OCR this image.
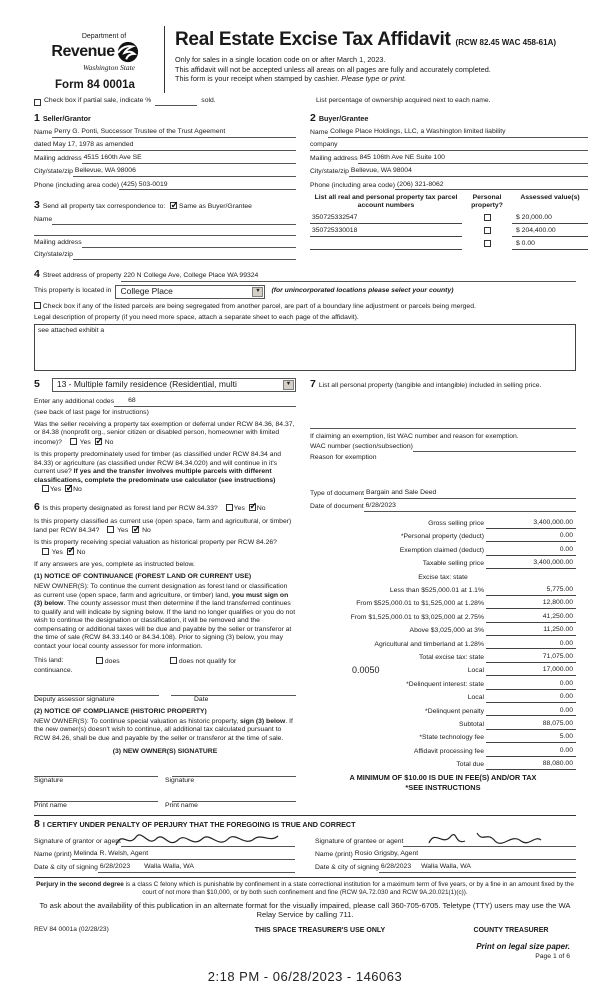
Department of
Revenue
Washington State
Form 84 0001a
Real Estate Excise Tax Affidavit (RCW 82.45 WAC 458-61A)
Only for sales in a single location code on or after March 1, 2023.
This affidavit will not be accepted unless all areas on all pages are fully and accurately completed.
This form is your receipt when stamped by cashier. Please type or print.
Check box if partial sale, indicate %	sold.	List percentage of ownership acquired next to each name.
1 Seller/Grantor
Name Perry G. Ponti, Successor Trustee of the Trust Ageement
dated May 17, 1978 as amended
Mailing address 4515 160th Ave SE
City/state/zip Bellevue, WA 98006
Phone (including area code) (425) 503-0019
3 Send all property tax correspondence to: ✓ Same as Buyer/Grantee
Name
Mailing address
City/state/zip
2 Buyer/Grantee
Name College Place Holdings, LLC, a Washington limited liability
company
Mailing address 845 106th Ave NE Suite 100
City/state/zip Bellevue, WA 98004
Phone (including area code) (206) 321-8062
List all real and personal property tax parcel account numbers
Personal property?
Assessed value(s)
350725332547	$ 20,000.00
350725330018	$ 204,400.00
$ 0.00
4 Street address of property 220 N College Ave, College Place WA 99324
This property is located in College Place	▼	(for unincorporated locations please select your county)
Check box if any of the listed parcels are being segregated from another parcel, are part of a boundary line adjustment or parcels being merged.
Legal description of property (if you need more space, attach a separate sheet to each page of the affidavit).
see attached exhibit a
5 13 - Multiple family residence (Residential, multi	▼
Enter any additional codes	68
(see back of last page for instructions)
Was the seller receiving a property tax exemption or deferral under RCW 84.36, 84.37, or 84.38 (nonprofit org., senior citizen or disabled person, homeowner with limited income)?	Yes ✓ No
Is this property predominately used for timber (as classified under RCW 84.34 and 84.33) or agriculture (as classified under RCW 84.34.020) and will continue in it's current use? If yes and the transfer involves multiple parcels with different classifications, complete the predominate use calculator (see instructions)Yes ✓ No
6 Is this property designated as forest land per RCW 84.33? Yes ✓ No
Is this property classified as current use (open space, farm and agricultural, or timber) land per RCW 84.34?	Yes ✓ No
Is this property receiving special valuation as historical property per RCW 84.26? Yes ✓ No
If any answers are yes, complete as instructed below.
(1) NOTICE OF CONTINUANCE (FOREST LAND OR CURRENT USE)
NEW OWNER(S): To continue the current designation as forest land or classification as current use (open space, farm and agriculture, or timber) land, you must sign on (3) below. The county assessor must then determine if the land transferred continues to qualify and will indicate by signing below. If the land no longer qualifies or you do not wish to continue the designation or classification, it will be removed and the compensating or additional taxes will be due and payable by the seller or transferor at the time of sale (RCW 84.33.140 or 84.34.108). Prior to signing (3) below, you may contact your local county assessor for more information.
This land:	does	does not qualify for
continuance.
Deputy assessor signature	Date
(2) NOTICE OF COMPLIANCE (HISTORIC PROPERTY)
NEW OWNER(S): To continue special valuation as historic property, sign (3) below. If the new owner(s) doesn't wish to continue, all additional tax calculated pursuant to RCW 84.26, shall be due and payable by the seller or transferor at the time of sale.
(3) NEW OWNER(S) SIGNATURE
Signature	Signature
Print name	Print name
7 List all personal property (tangible and intangible) included in selling price.
If claiming an exemption, list WAC number and reason for exemption.
WAC number (section/subsection)
Reason for exemption
Type of document Bargain and Sale Deed
Date of document 6/28/2023
Gross selling price	3,400,000.00
*Personal property (deduct)	0.00
Exemption claimed (deduct)	0.00
Taxable selling price	3,400,000.00
Excise tax: state
Less than $525,000.01 at 1.1%	5,775.00
From $525,000.01 to $1,525,000 at 1.28%	12,800.00
From $1,525,000.01 to $3,025,000 at 2.75%	41,250.00
Above $3,025,000 at 3%	11,250.00
Agricultural and timberland at 1.28%	0.00
Total excise tax: state	71,075.00
0.0050	Local	17,000.00
*Delinquent interest: state	0.00
Local	0.00
*Delinquent penalty	0.00
Subtotal	88,075.00
*State technology fee	5.00
Affidavit processing fee	0.00
Total due	88,080.00
A MINIMUM OF $10.00 IS DUE IN FEE(S) AND/OR TAX
*SEE INSTRUCTIONS
8 I CERTIFY UNDER PENALTY OF PERJURY THAT THE FOREGOING IS TRUE AND CORRECT
Signature of grantor or agent
Name (print) Melinda R. Welsh, Agent
Date & city of signing 6/28/2023 Walla Walla, WA
Signature of grantee or agent
Name (print) Rosio Grigsby, Agent
Date & city of signing 6/28/2023 Walla Walla, WA
Perjury in the second degree is a class C felony which is punishable by confinement in a state correctional institution for a maximum term of five years, or by a fine in an amount fixed by the court of not more than $10,000, or by both such confinement and fine (RCW 9A.72.030 and RCW 9A.20.021(1)(c)).
To ask about the availability of this publication in an alternate format for the visually impaired, please call 360-705-6705. Teletype (TTY) users may use the WA Relay Service by calling 711.
REV 84 0001a (02/28/23)	THIS SPACE TREASURER'S USE ONLY	COUNTY TREASURER
2:18 PM - 06/28/2023 - 146063
Print on legal size paper.
Page 1 of 6
